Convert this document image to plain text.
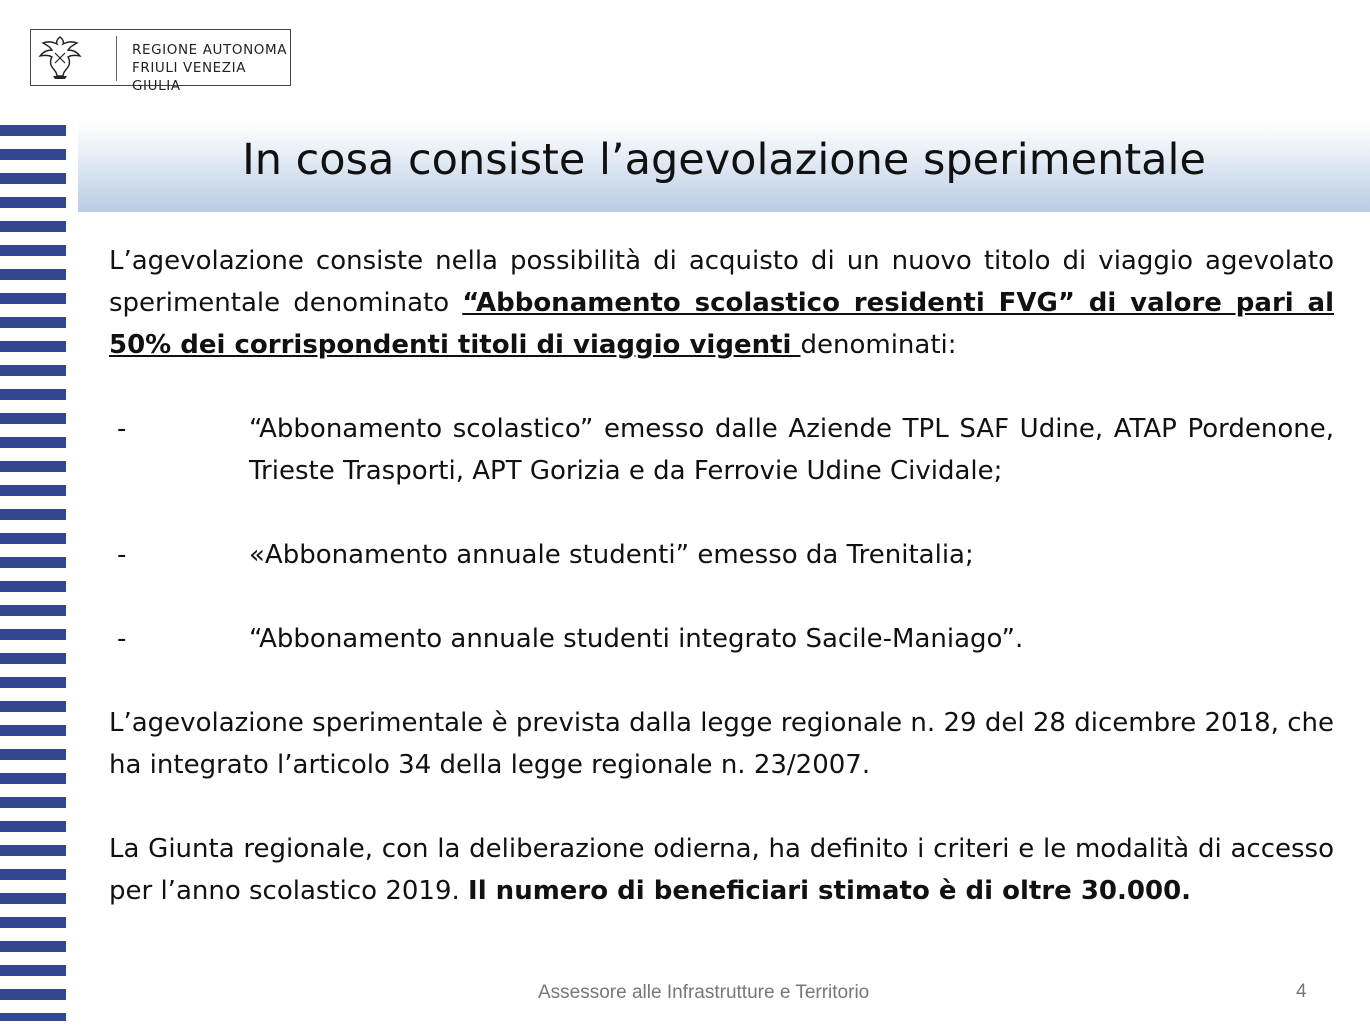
REGIONE AUTONOMA
FRIULI VENEZIA GIULIA
In cosa consiste l’agevolazione sperimentale

L’agevolazione consiste nella possibilità di acquisto di un nuovo titolo di viaggio agevolato sperimentale denominato “Abbonamento scolastico residenti FVG” di valore pari al 50% dei corrispondenti titoli di viaggio vigenti denominati:

-	“Abbonamento scolastico” emesso dalle Aziende TPL SAF Udine, ATAP Pordenone, Trieste Trasporti, APT Gorizia e da Ferrovie Udine Cividale;
-	«Abbonamento annuale studenti” emesso da Trenitalia;
-	“Abbonamento annuale studenti integrato Sacile-Maniago”.

L’agevolazione sperimentale è prevista dalla legge regionale n. 29 del 28 dicembre 2018, che ha integrato l’articolo 34 della legge regionale n. 23/2007.

La Giunta regionale, con la deliberazione odierna, ha definito i criteri e le modalità di accesso per l’anno scolastico 2019. Il numero di beneficiari stimato è di oltre 30.000.

Assessore alle Infrastrutture e Territorio	4
